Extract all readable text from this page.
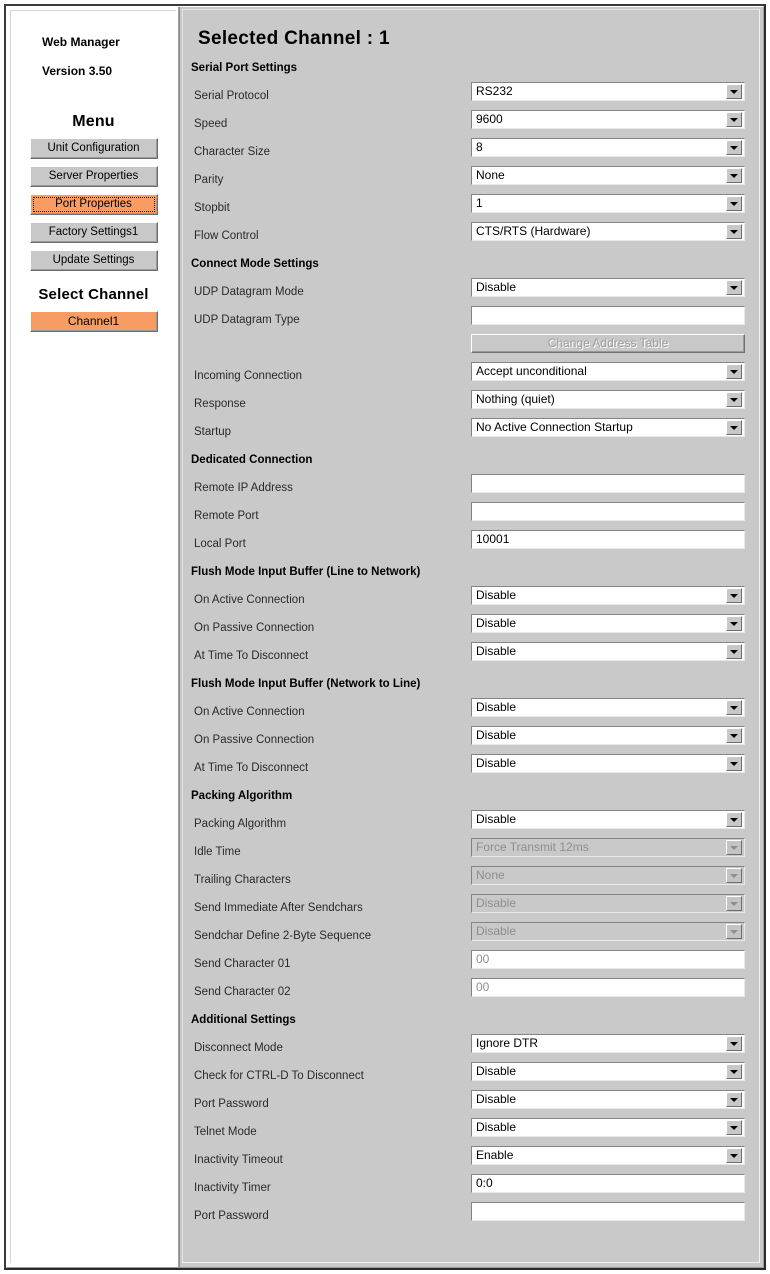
Web Manager
Version 3.50
Menu
Unit Configuration
Server Properties
Port Properties
Factory Settings1
Update Settings
Select Channel
Channel1
Selected Channel : 1
Serial Port Settings
Serial Protocol	RS232
Speed	9600
Character Size	8
Parity	None
Stopbit	1
Flow Control	CTS/RTS (Hardware)
Connect Mode Settings
UDP Datagram Mode	Disable
UDP Datagram Type
Change Address Table
Incoming Connection	Accept unconditional
Response	Nothing (quiet)
Startup	No Active Connection Startup
Dedicated Connection
Remote IP Address
Remote Port
Local Port	10001
Flush Mode Input Buffer (Line to Network)
On Active Connection	Disable
On Passive Connection	Disable
At Time To Disconnect	Disable
Flush Mode Input Buffer (Network to Line)
On Active Connection	Disable
On Passive Connection	Disable
At Time To Disconnect	Disable
Packing Algorithm
Packing Algorithm	Disable
Idle Time	Force Transmit 12ms
Trailing Characters	None
Send Immediate After Sendchars	Disable
Sendchar Define 2-Byte Sequence	Disable
Send Character 01	00
Send Character 02	00
Additional Settings
Disconnect Mode	Ignore DTR
Check for CTRL-D To Disconnect	Disable
Port Password	Disable
Telnet Mode	Disable
Inactivity Timeout	Enable
Inactivity Timer	0:0
Port Password
